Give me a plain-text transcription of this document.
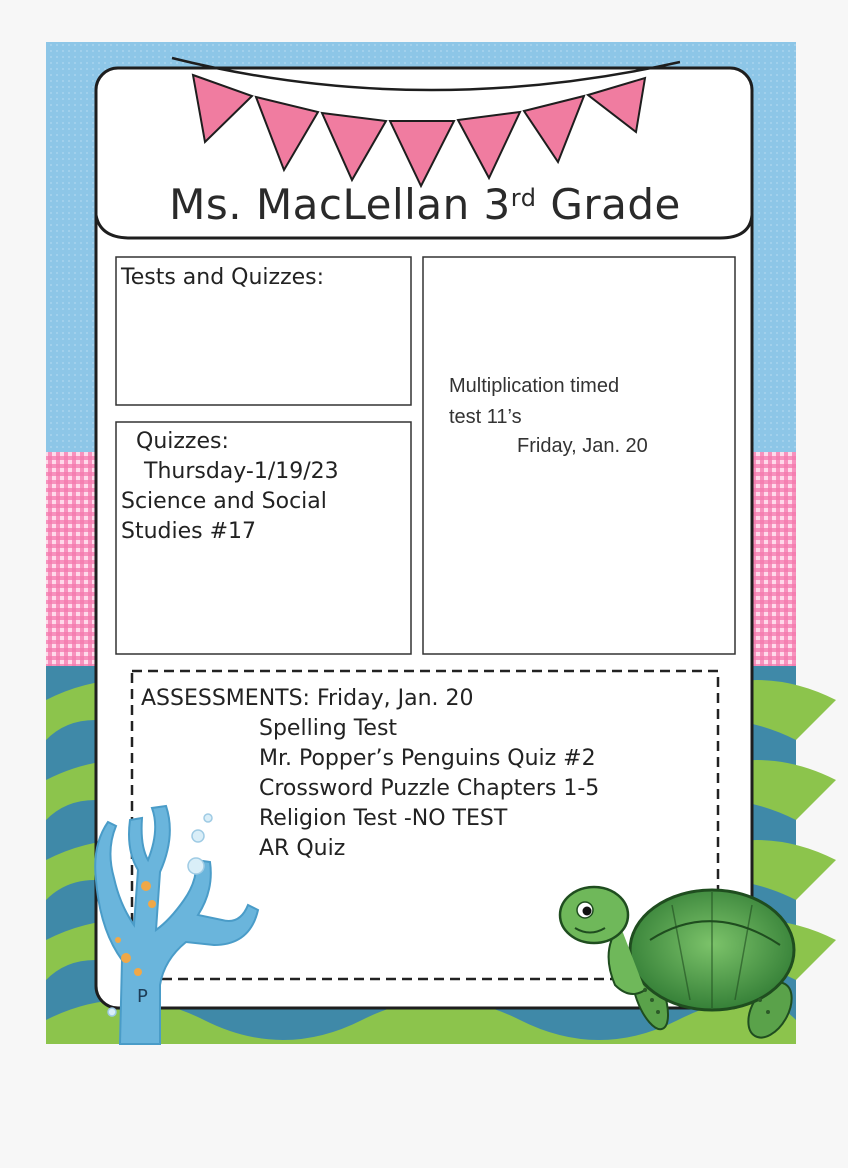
Ms. MacLellan 3rd Grade
Tests and Quizzes:
Quizzes:
Thursday-1/19/23
Science and Social
Studies #17
Multiplication timed
test 11’s
Friday, Jan. 20
ASSESSMENTS: Friday, Jan. 20
Spelling Test
Mr. Popper’s Penguins Quiz #2
Crossword Puzzle Chapters 1-5
Religion Test -NO TEST
AR Quiz
P
